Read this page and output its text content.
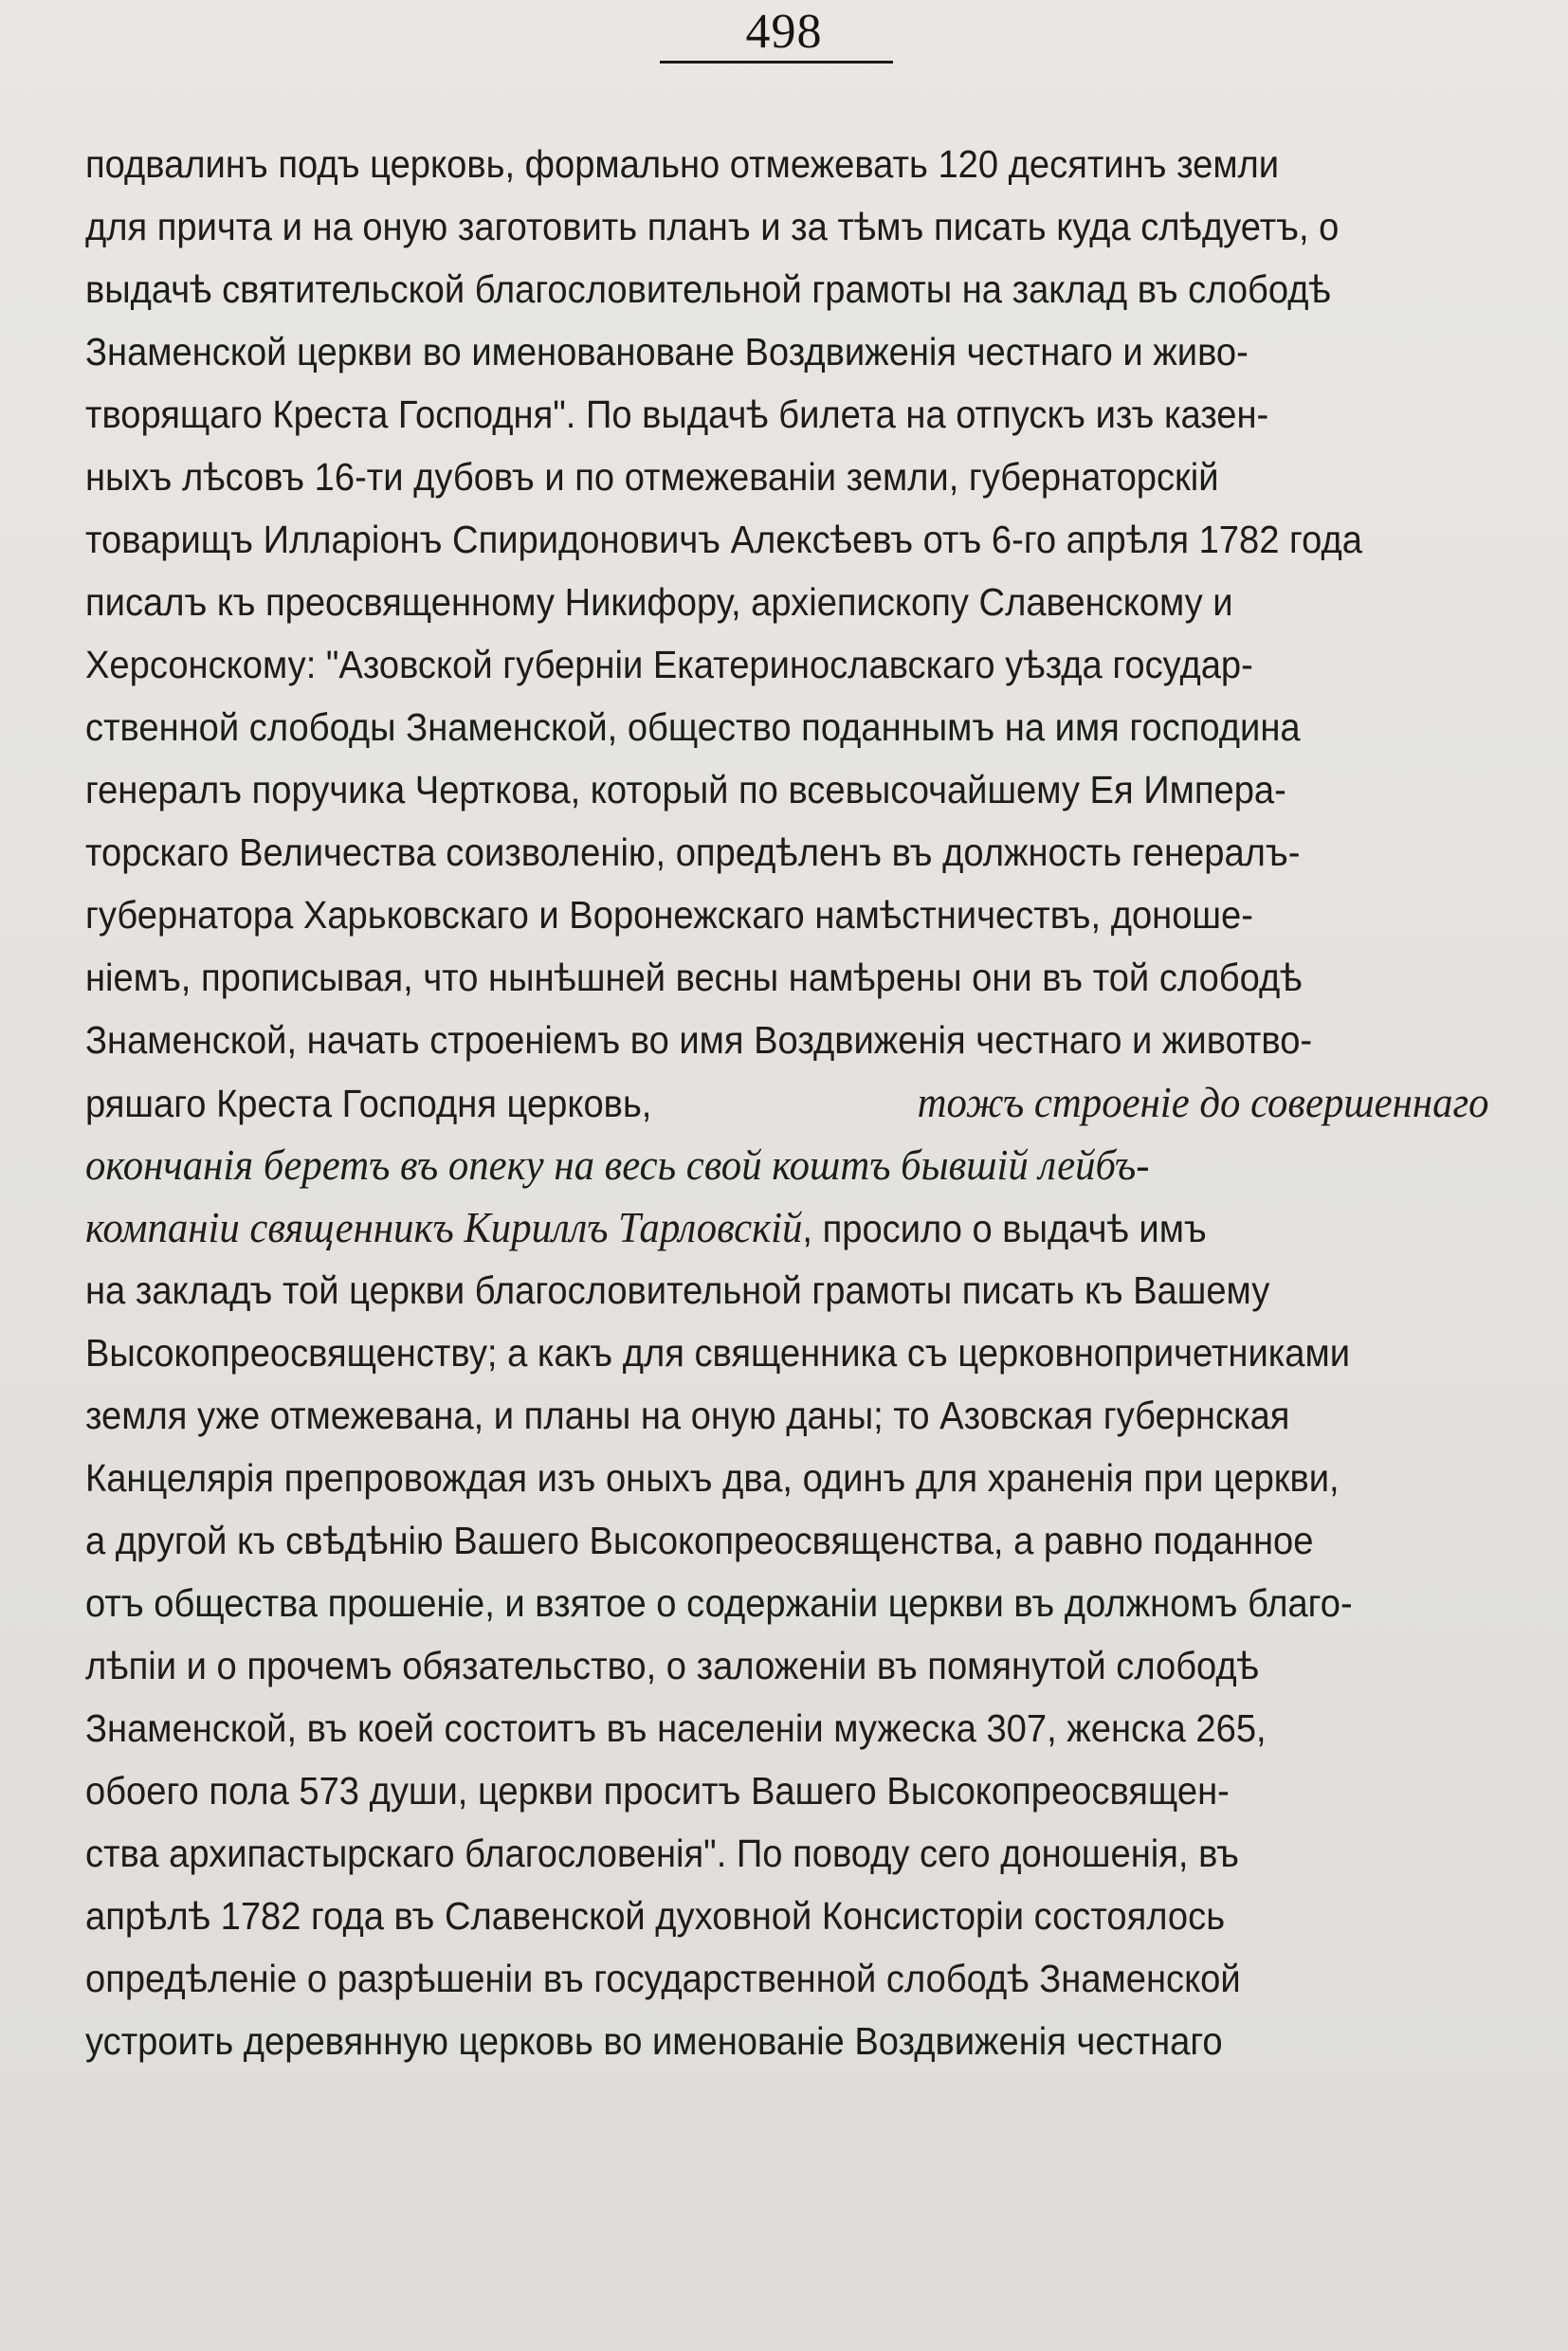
498
подвалинъ подъ церковь, формально отмежевать 120 десятинъ земли
для причта и на оную заготовить планъ и за тѣмъ писать куда слѣдуетъ, о
выдачѣ святительской благословительной грамоты на заклад въ слободѣ
Знаменской церкви во именовановане Воздвиженія честнаго и живо-
творящаго Креста Господня". По выдачѣ билета на отпускъ изъ казен-
ныхъ лѣсовъ 16-ти дубовъ и по отмежеваніи земли, губернаторскій
товарищъ Илларіонъ Спиридоновичъ Алексѣевъ отъ 6-го апрѣля 1782 года
писалъ къ преосвященному Никифору, архіепископу Славенскому и
Херсонскому: "Азовской губерніи Екатеринославскаго уѣзда государ-
ственной слободы Знаменской, общество поданнымъ на имя господина
генералъ поручика Черткова, который по всевысочайшему Ея Импера-
торскаго Величества соизволенію, опредѣленъ въ должность генералъ-
губернатора Харьковскаго и Воронежскаго намѣстничествъ, доноше-
ніемъ, прописывая, что нынѣшней весны намѣрены они въ той слободѣ
Знаменской, начать строеніемъ во имя Воздвиженія честнаго и животво-
ряшаго Креста Господня церковь,	тожъ строеніе до совершеннаго
окончанія беретъ въ опеку на весь свой коштъ бывшій лейбъ-
компаніи священникъ Кириллъ Тарловскій, просило о выдачѣ имъ
на закладъ той церкви благословительной грамоты писать къ Вашему
Высокопреосвященству; а какъ для священника съ церковнопричетниками
земля уже отмежевана, и планы на оную даны; то Азовская губернская
Канцелярія препровождая изъ оныхъ два, одинъ для храненія при церкви,
а другой къ свѣдѣнію Вашего Высокопреосвященства, а равно поданное
отъ общества прошеніе, и взятое о содержаніи церкви въ должномъ благо-
лѣпіи и о прочемъ обязательство, о заложеніи въ помянутой слободѣ
Знаменской, въ коей состоитъ въ населеніи мужеска 307, женска 265,
обоего пола 573 души, церкви проситъ Вашего Высокопреосвящен-
ства архипастырскаго благословенія". По поводу сего доношенія, въ
апрѣлѣ 1782 года въ Славенской духовной Консисторіи состоялось
опредѣленіе о разрѣшеніи въ государственной слободѣ Знаменской
устроить деревянную церковь во именованіе Воздвиженія честнаго
